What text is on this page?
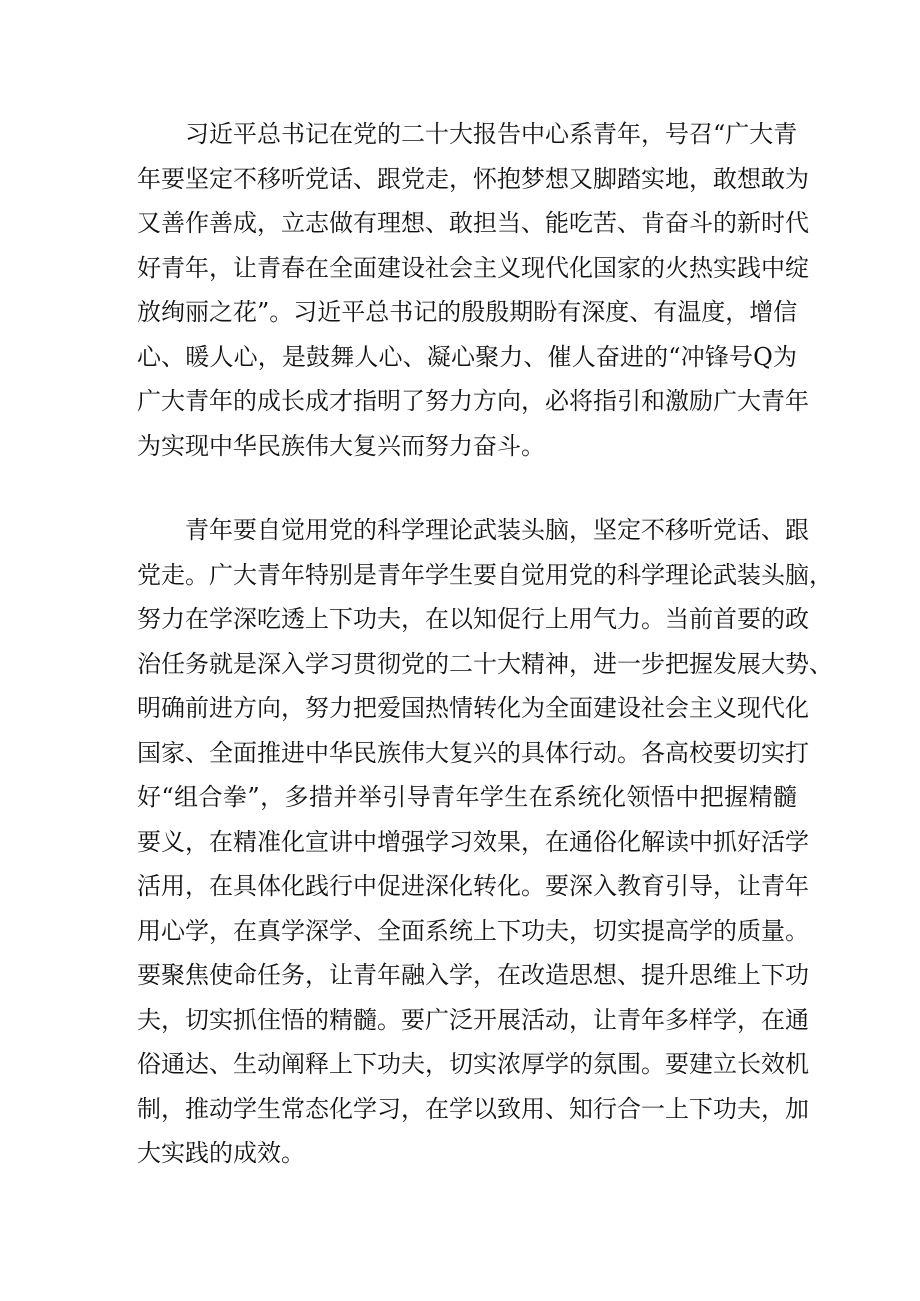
习近平总书记在党的二十大报告中心系青年，号召“广大青
年要坚定不移听党话、跟党走，怀抱梦想又脚踏实地，敢想敢为
又善作善成，立志做有理想、敢担当、能吃苦、肯奋斗的新时代
好青年，让青春在全面建设社会主义现代化国家的火热实践中绽
放绚丽之花”。习近平总书记的殷殷期盼有深度、有温度，增信
心、暖人心，是鼓舞人心、凝心聚力、催人奋进的“冲锋号Q为
广大青年的成长成才指明了努力方向，必将指引和激励广大青年
为实现中华民族伟大复兴而努力奋斗。
青年要自觉用党的科学理论武装头脑，坚定不移听党话、跟
党走。广大青年特别是青年学生要自觉用党的科学理论武装头脑，
努力在学深吃透上下功夫，在以知促行上用气力。当前首要的政
治任务就是深入学习贯彻党的二十大精神，进一步把握发展大势、
明确前进方向，努力把爱国热情转化为全面建设社会主义现代化
国家、全面推进中华民族伟大复兴的具体行动。各高校要切实打
好“组合拳”，多措并举引导青年学生在系统化领悟中把握精髓
要义，在精准化宣讲中增强学习效果，在通俗化解读中抓好活学
活用，在具体化践行中促进深化转化。要深入教育引导，让青年
用心学，在真学深学、全面系统上下功夫，切实提高学的质量。
要聚焦使命任务，让青年融入学，在改造思想、提升思维上下功
夫，切实抓住悟的精髓。要广泛开展活动，让青年多样学，在通
俗通达、生动阐释上下功夫，切实浓厚学的氛围。要建立长效机
制，推动学生常态化学习，在学以致用、知行合一上下功夫，加
大实践的成效。
